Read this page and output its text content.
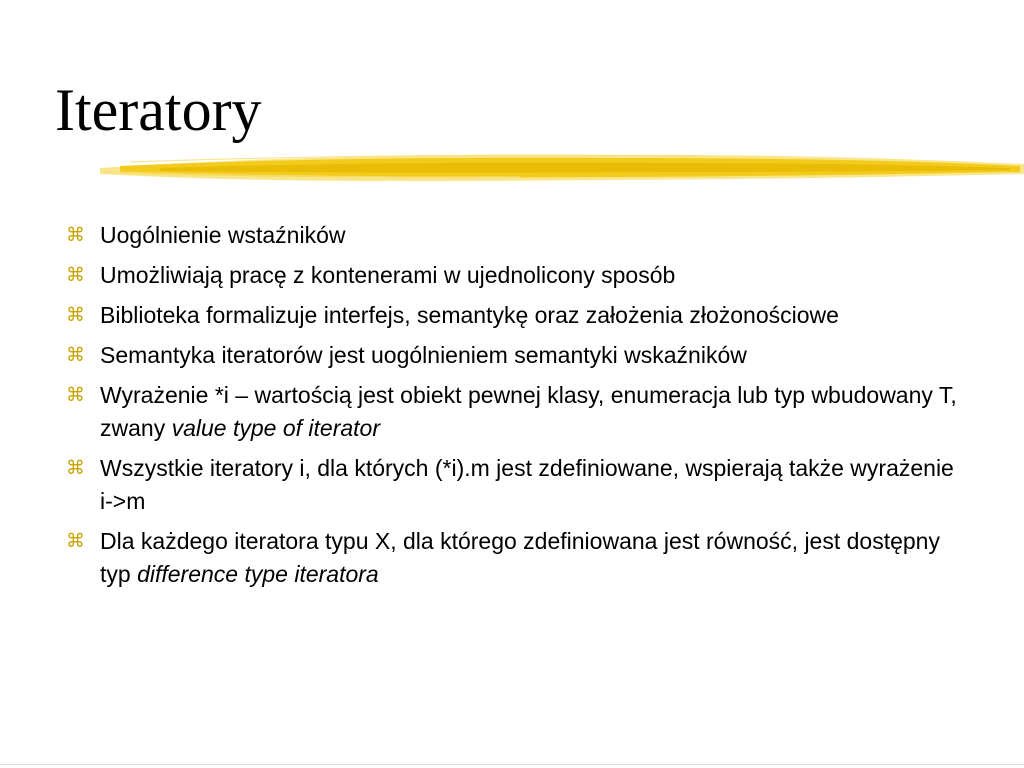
Iteratory
⌘ Uogólnienie wstaźników
⌘ Umożliwiają pracę z kontenerami w ujednolicony sposób
⌘ Biblioteka formalizuje interfejs, semantykę oraz założenia złożonościowe
⌘ Semantyka iteratorów jest uogólnieniem semantyki wskaźników
⌘ Wyrażenie *i – wartością jest obiekt pewnej klasy, enumeracja lub typ wbudowany T, zwany value type of iterator
⌘ Wszystkie iteratory i, dla których (*i).m jest zdefiniowane, wspierają także wyrażenie i->m
⌘ Dla każdego iteratora typu X, dla którego zdefiniowana jest równość, jest dostępny typ difference type iteratora
